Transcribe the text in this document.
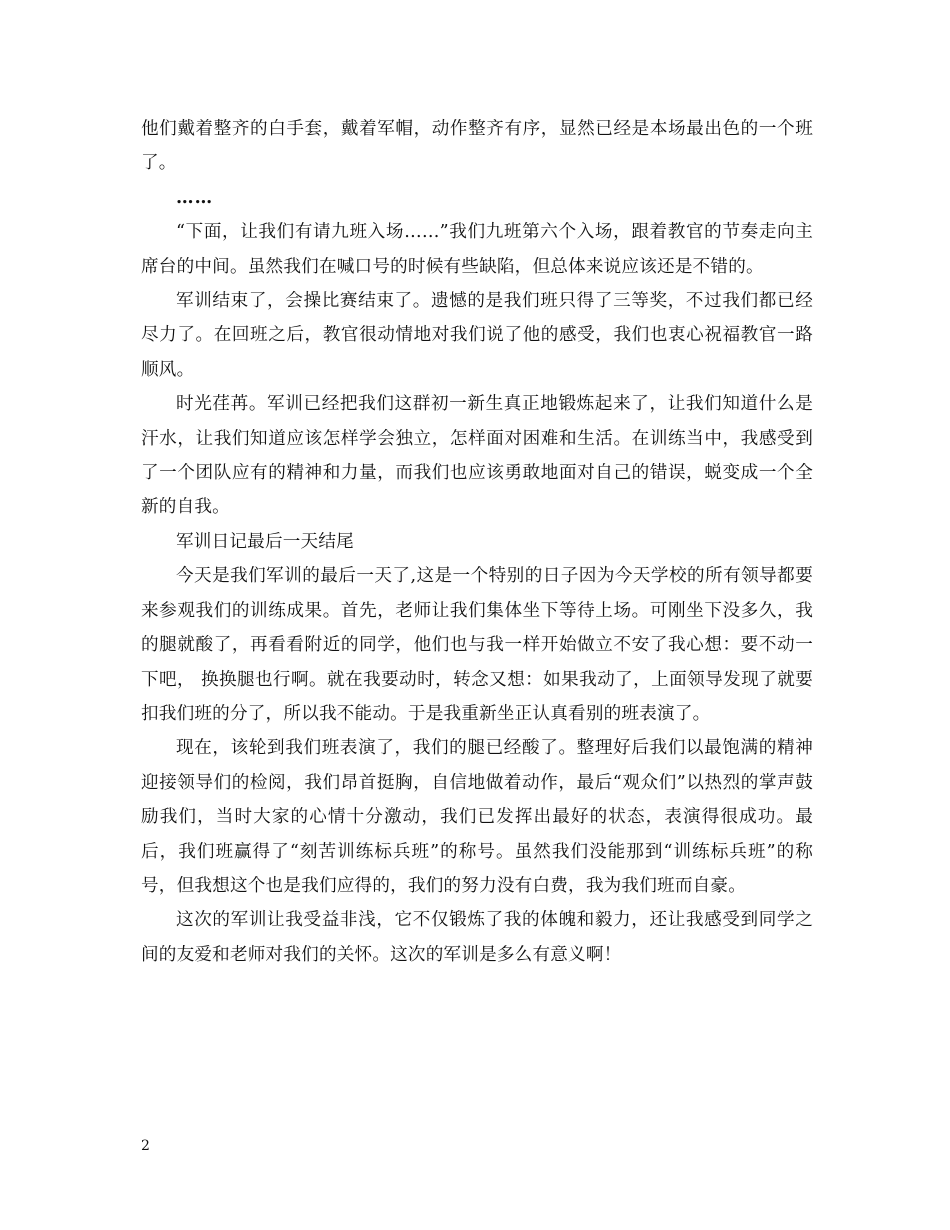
他们戴着整齐的白手套，戴着军帽，动作整齐有序，显然已经是本场最出色的一个班了。

……

“下面，让我们有请九班入场……”我们九班第六个入场，跟着教官的节奏走向主席台的中间。虽然我们在喊口号的时候有些缺陷，但总体来说应该还是不错的。

军训结束了，会操比赛结束了。遗憾的是我们班只得了三等奖，不过我们都已经尽力了。在回班之后，教官很动情地对我们说了他的感受，我们也衷心祝福教官一路顺风。

时光荏苒。军训已经把我们这群初一新生真正地锻炼起来了，让我们知道什么是汗水，让我们知道应该怎样学会独立，怎样面对困难和生活。在训练当中，我感受到了一个团队应有的精神和力量，而我们也应该勇敢地面对自己的错误，蜕变成一个全新的自我。

军训日记最后一天结尾

今天是我们军训的最后一天了,这是一个特别的日子因为今天学校的所有领导都要来参观我们的训练成果。首先，老师让我们集体坐下等待上场。可刚坐下没多久，我的腿就酸了，再看看附近的同学，他们也与我一样开始做立不安了我心想：要不动一下吧， 换换腿也行啊。就在我要动时，转念又想：如果我动了，上面领导发现了就要扣我们班的分了，所以我不能动。于是我重新坐正认真看别的班表演了。

现在，该轮到我们班表演了，我们的腿已经酸了。整理好后我们以最饱满的精神迎接领导们的检阅，我们昂首挺胸，自信地做着动作，最后“观众们”以热烈的掌声鼓励我们，当时大家的心情十分激动，我们已发挥出最好的状态，表演得很成功。最后，我们班赢得了“刻苦训练标兵班”的称号。虽然我们没能那到“训练标兵班”的称号，但我想这个也是我们应得的，我们的努力没有白费，我为我们班而自豪。

这次的军训让我受益非浅，它不仅锻炼了我的体魄和毅力，还让我感受到同学之间的友爱和老师对我们的关怀。这次的军训是多么有意义啊！

2
